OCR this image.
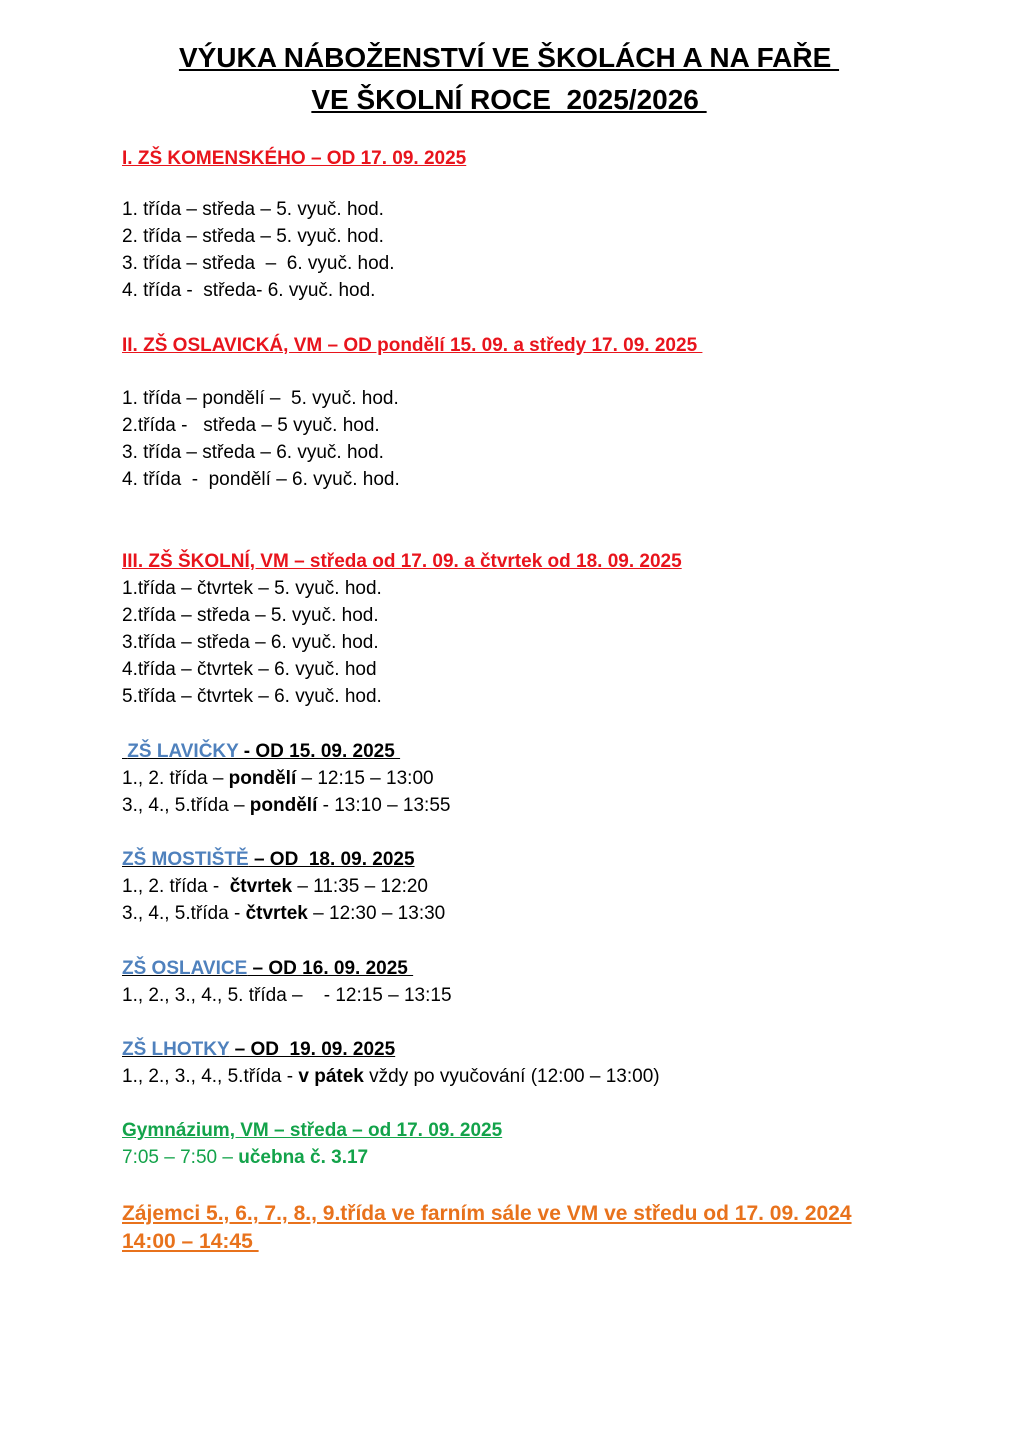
VÝUKA NÁBOŽENSTVÍ VE ŠKOLÁCH A NA FAŘE
VE ŠKOLNÍ ROCE  2025/2026
I. ZŠ KOMENSKÉHO – OD 17. 09. 2025
1. třída – středa – 5. vyuč. hod.
2. třída – středa – 5. vyuč. hod.
3. třída – středa  –  6. vyuč. hod.
4. třída -  středa- 6. vyuč. hod.
II. ZŠ OSLAVICKÁ, VM – OD pondělí 15. 09. a středy 17. 09. 2025
1. třída – pondělí –  5. vyuč. hod.
2.třída -   středa – 5 vyuč. hod.
3. třída – středa – 6. vyuč. hod.
4. třída  -  pondělí – 6. vyuč. hod.
III. ZŠ ŠKOLNÍ, VM – středa od 17. 09. a čtvrtek od 18. 09. 2025
1.třída – čtvrtek – 5. vyuč. hod.
2.třída – středa – 5. vyuč. hod.
3.třída – středa – 6. vyuč. hod.
4.třída – čtvrtek – 6. vyuč. hod
5.třída – čtvrtek – 6. vyuč. hod.
ZŠ LAVIČKY - OD 15. 09. 2025
1., 2. třída – pondělí – 12:15 – 13:00
3., 4., 5.třída – pondělí - 13:10 – 13:55
ZŠ MOSTIŠTĚ – OD  18. 09. 2025
1., 2. třída -  čtvrtek – 11:35 – 12:20
3., 4., 5.třída - čtvrtek – 12:30 – 13:30
ZŠ OSLAVICE – OD 16. 09. 2025
1., 2., 3., 4., 5. třída –    - 12:15 – 13:15
ZŠ LHOTKY – OD  19. 09. 2025
1., 2., 3., 4., 5.třída - v pátek vždy po vyučování (12:00 – 13:00)
Gymnázium, VM – středa – od 17. 09. 2025
7:05 – 7:50 – učebna č. 3.17
Zájemci 5., 6., 7., 8., 9.třída ve farním sále ve VM ve středu od 17. 09. 2024
14:00 – 14:45
